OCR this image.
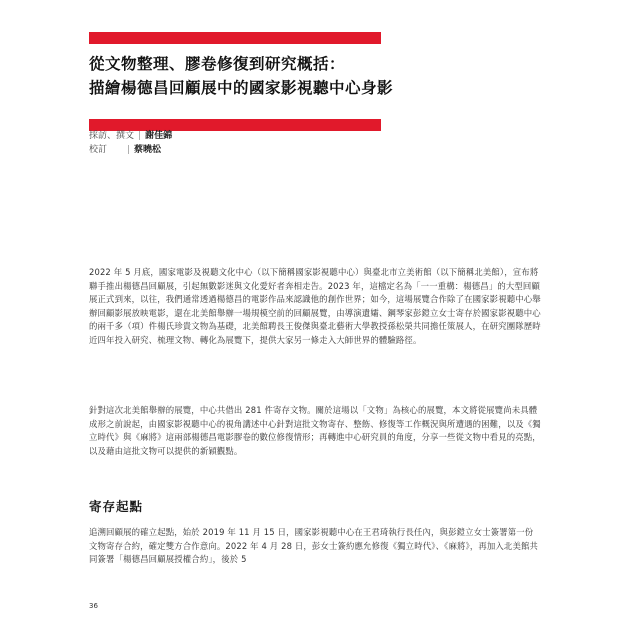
從文物整理、膠卷修復到研究概括：
描繪楊德昌回顧展中的國家影視聽中心身影
採訪、撰文 | 謝佳錦
校訂 | 蔡曉松

2022 年 5 月底，國家電影及視聽文化中心（以下簡稱國家影視聽中心）與臺北市立美術館（以下簡稱北美館），宣布將聯手推出楊德昌回顧展，引起無數影迷與文化愛好者奔相走告。2023 年，這檔定名為「一一重構：楊德昌」的大型回顧展正式到來，以往，我們通常透過楊德昌的電影作品來認識他的創作世界；如今，這場展覽合作除了在國家影視聽中心舉辦回顧影展放映電影，還在北美館舉辦一場規模空前的回顧展覽，由導演遺孀、鋼琴家彭鎧立女士寄存於國家影視聽中心的兩千多（項）件楊氏珍貴文物為基礎，北美館聘長王俊傑與臺北藝術大學教授孫松榮共同擔任策展人，在研究團隊歷時近四年投入研究、梳理文物、轉化為展覽下，提供大家另一條走入大師世界的體驗路徑。

針對這次北美館舉辦的展覽，中心共借出 281 件寄存文物。關於這場以「文物」為核心的展覽，本文將從展覽尚未具體成形之前說起，由國家影視聽中心的視角講述中心針對這批文物寄存、整飭、修復等工作概況與所遭遇的困難，以及《獨立時代》與《麻將》這兩部楊德昌電影膠卷的數位修復情形；再轉進中心研究員的角度，分享一些從文物中看見的亮點，以及藉由這批文物可以提供的新穎觀點。

寄存起點

追溯回顧展的確立起點，始於 2019 年 11 月 15 日，國家影視聽中心在王君琦執行長任內，與彭鎧立女士簽署第一份文物寄存合約，確定雙方合作意向。2022 年 4 月 28 日，彭女士簽約應允修復《獨立時代》、《麻將》，再加入北美館共同簽署「楊德昌回顧展授權合約」，後於 5

36
